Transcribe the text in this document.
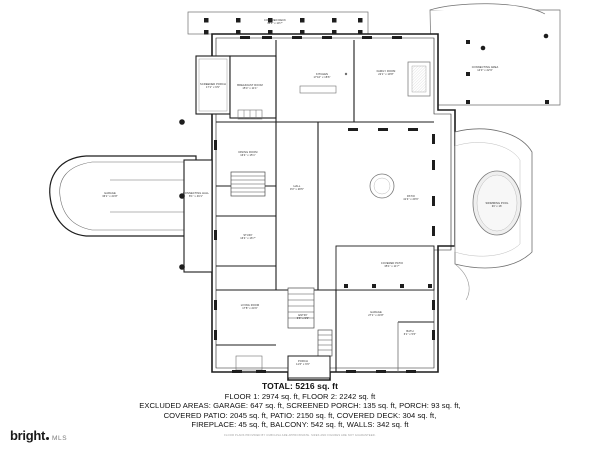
COVERED DECK
35'1" x 10'7"
SCREENED PORCH
17'1" x 9'9"
BREAKFAST ROOM
15'4" x 11'1"
KITCHEN
17'10" x 18'6"
FAMILY ROOM
22'1" x 19'8"
CONNECTING AREA
14'3" x 22'9"
DINING ROOM
16'4" x 15'1"
HALL
9'3" x 28'6"
PATIO
41'4" x 29'6"
SWIMMING POOL
36' x 16'
CONNECTING HALL
8'1" x 49'1"
GARAGE
36'1" x 24'8"
STUDY
16'4" x 16'7"
COVERED PATIO
35'1" x 11'7"
LIVING ROOM
17'8" x 24'6"
ENTRY
9'9" x 9'9"
GARAGE
27'1" x 24'8"
BATH
6'1" x 5'6"
PORCH
11'6" x 6'6"
TOTAL: 5216 sq. ft
FLOOR 1: 2974 sq. ft, FLOOR 2: 2242 sq. ft
EXCLUDED AREAS: GARAGE: 647 sq. ft, SCREENED PORCH: 135 sq. ft, PORCH: 93 sq. ft,
COVERED PATIO: 2045 sq. ft, PATIO: 2150 sq. ft, COVERED DECK: 304 sq. ft,
FIREPLACE: 45 sq. ft, BALCONY: 542 sq. ft, WALLS: 342 sq. ft
FLOOR PLANS PROVIDED BY CUBICASA ARE APPROXIMATE. SIZES AND FIGURES ARE NOT GUARANTEED.
bright MLS
